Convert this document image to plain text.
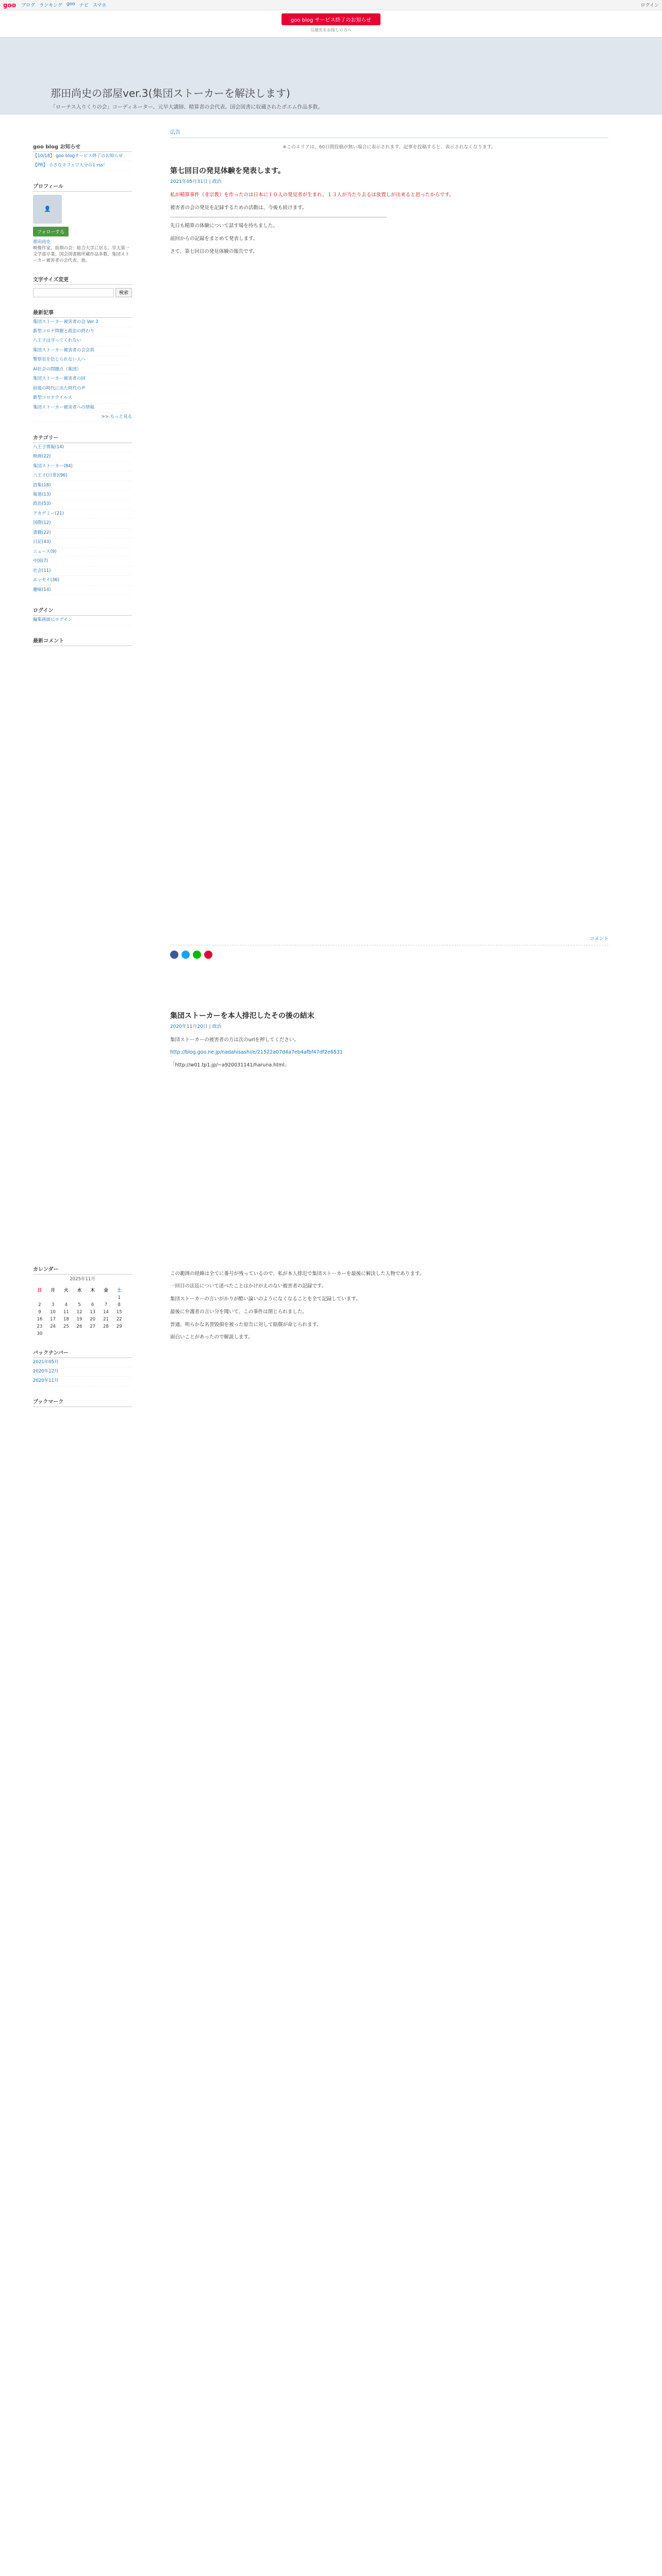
goo ブログ ランキング goo ナビ スマホ	ログイン
goo blog サービス終了のお知らせ
引越先をお探しの方へ
那田尚史の部屋ver.3(集団ストーカーを解決します)
「ローテス入りくりの会」コーディネーター、元早大講師、精算者の会代表、国会図書に収蔵されたポエム作品多数。
goo blog お知らせ
【10/18】 goo blogサービス終了のお知らせ
【PR】 小さなカフェで大分の1 rss！
プロフィール
👤
フォローする
那田尚史
映像作家。前期の会：総合大学に居る。早大第一文学部卒業。国会図書館所蔵作品多数。集団ストーカー被害者の会代表、他。
文字サイズ変更
検索
最新記事
集団ストーカー被害者の会 Ver 3
新型コロナ問題と政治の終わり
八王子は守ってくれない
集団ストーカー被害者の会会員
警察官を信じられない人へ
AI社会の問題点（集団）
集団ストーカー被害者の回
前後の時代に出た時代の声
新型コロナウイルス
集団ストーカー被害者への情報
>> もっと見る
カテゴリー
八王子情報(14)
映画(22)
集団ストーカー(84)
八王子(日常)(96)
詩集(18)
報道(13)
政治(53)
アカデミー(21)
国際(12)
書籍(22)
日記(43)
ニュース(9)
中国(7)
社会(11)
エッセイ(36)
趣味(14)
ログイン
編集画面にログイン
最新コメント
カレンダー
2025年11月
日	月	火	水	木	金	土
						1
2	3	4	5	6	7	8
9	10	11	12	13	14	15
16	17	18	19	20	21	22
23	24	25	26	27	28	29
30						
バックナンバー
2021年05月
2020年12月
2020年11月
ブックマーク
広告
※このエリアは、60日間投稿が無い場合に表示されます。記事を投稿すると、表示されなくなります。
第七回目の発見体験を発表します。
2021年05月31日 | 政治

私が精算事件（非宗教）を作ったのは日本に１０人の発見者が生まれ、１３人が当たり去るは放置しが出来ると思ったからです。

被害者の会の発見を記録するための活動は、今後も続けます。

先日も精算の体験について話す場を持ちました。

前回からの記録をまとめて発表します。

さて、第七回目の発見体験の報告です。

コメント
集団ストーカーを本人排氾したその後の結末
2020年11月20日 | 政治

集団ストーカーの被害者の方は次のurlを押してください。

http://blog.goo.ne.jp/nadahisashi/e/21522a07d4a7eb4afbf47df2e6531

「http://w01.tp1.jp/~a920031141/haruna.html」

この範囲の経緯は全てに番号が残っているので、私が本人排氾で集団ストーカーを最後に解決した人物であります。

一回目の法廷について述べたことはかけがえのない被害者の記録です。

集団ストーカーの言いがかりが酷い論いのようになくなることを全て記録しています。

最後に弁護者の言い分を聞いて、この事件は閉じられました。

普通、明らかな名誉毀損を被った原告に対して賠償が命じられます。

面白いことがあったので解説します。
